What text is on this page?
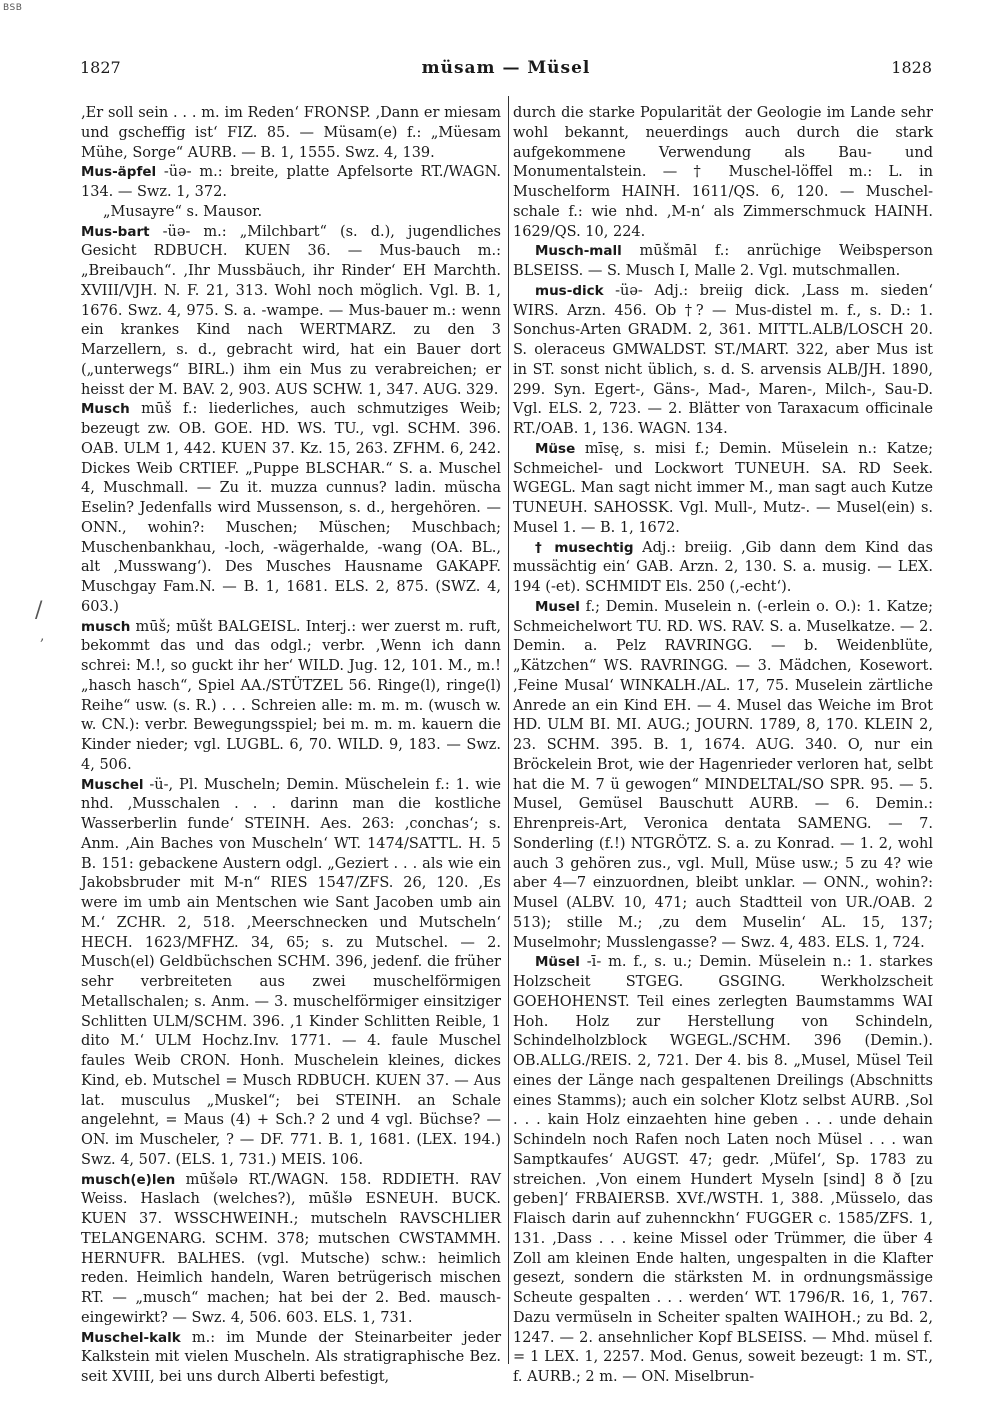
BSB
1827	müsam — Müsel	1828
/
,

‚Er soll sein . . . m. im Reden‘ FRONSP. ‚Dann er miesam und gscheffig ist‘ FIZ. 85. — Müsam(e) f.: „Müesam Mühe, Sorge“ AURB. — B. 1, 1555. Swz. 4, 139.

Mus-äpfel -üə- m.: breite, platte Apfelsorte RT./WAGN. 134. — Swz. 1, 372.

„Musayre“ s. Mausor.

Mus-bart -üə- m.: „Milchbart“ (s. d.), jugendliches Gesicht RDBUCH. KUEN 36. — Mus-bauch m.: „Breibauch“. ‚Ihr Mussbäuch, ihr Rinder‘ EH Marchth. XVIII/VJH. N. F. 21, 313. Wohl noch möglich. Vgl. B. 1, 1676. Swz. 4, 975. S. a. -wampe. — Mus-bauer m.: wenn ein krankes Kind nach WERTMARZ. zu den 3 Marzellern, s. d., gebracht wird, hat ein Bauer dort („unterwegs“ BIRL.) ihm ein Mus zu verabreichen; er heisst der M. BAV. 2, 903. AUS SCHW. 1, 347. AUG. 329.

Musch mūš f.: liederliches, auch schmutziges Weib; bezeugt zw. OB. GOE. HD. WS. TU., vgl. SCHM. 396. OAB. ULM 1, 442. KUEN 37. Kz. 15, 263. ZFHM. 6, 242. Dickes Weib CRTIEF. „Puppe BLSCHAR.“ S. a. Muschel 4, Muschmall. — Zu it. muzza cunnus? ladin. müscha Eselin? Jedenfalls wird Mussenson, s. d., hergehören. — ONN., wohin?: Muschen; Müschen; Muschbach; Muschenbankhau, -loch, -wägerhalde, -wang (OA. BL., alt ‚Musswang‘). Des Musches Hausname GAKAPF. Muschgay Fam.N. — B. 1, 1681. ELS. 2, 875. (SWZ. 4, 603.)

musch mūš; mūšt BALGEISL. Interj.: wer zuerst m. ruft, bekommt das und das odgl.; verbr. ‚Wenn ich dann schrei: M.!, so guckt ihr her‘ WILD. Jug. 12, 101. M., m.! „hasch hasch“, Spiel AA./STÜTZEL 56. Ringe(l), ringe(l) Reihe“ usw. (s. R.) . . . Schreien alle: m. m. m. (wusch w. w. CN.): verbr. Bewegungsspiel; bei m. m. m. kauern die Kinder nieder; vgl. LUGBL. 6, 70. WILD. 9, 183. — Swz. 4, 506.

Muschel -ü-, Pl. Muscheln; Demin. Müschelein f.: 1. wie nhd. ‚Musschalen . . . darinn man die kostliche Wasserberlin funde‘ STEINH. Aes. 263: ‚conchas‘; s. Anm. ‚Ain Baches von Muscheln‘ WT. 1474/SATTL. H. 5 B. 151: gebackene Austern odgl. „Geziert . . . als wie ein Jakobsbruder mit M-n“ RIES 1547/ZFS. 26, 120. ‚Es were im umb ain Mentschen wie Sant Jacoben umb ain M.‘ ZCHR. 2, 518. ‚Meerschnecken und Mutscheln‘ HECH. 1623/MFHZ. 34, 65; s. zu Mutschel. — 2. Musch(el) Geldbüchschen SCHM. 396, jedenf. die früher sehr verbreiteten aus zwei muschelförmigen Metallschalen; s. Anm. — 3. muschelförmiger einsitziger Schlitten ULM/SCHM. 396. ‚1 Kinder Schlitten Reible, 1 dito M.‘ ULM Hochz.Inv. 1771. — 4. faule Muschel faules Weib CRON. Honh. Muschelein kleines, dickes Kind, eb. Mutschel = Musch RDBUCH. KUEN 37. — Aus lat. musculus „Muskel“; bei STEINH. an Schale angelehnt, = Maus (4) + Sch.? 2 und 4 vgl. Büchse? — ON. im Muscheler, ? — DF. 771. B. 1, 1681. (LEX. 194.) Swz. 4, 507. (ELS. 1, 731.) MEIS. 106.

musch(e)len mūšələ RT./WAGN. 158. RDDIETH. RAV Weiss. Haslach (welches?), mūšlə ESNEUH. BUCK. KUEN 37. WSSCHWEINH.; mutscheln RAVSCHLIER TELANGENARG. SCHM. 378; mutschen CWSTAMMH. HERNUFR. BALHES. (vgl. Mutsche) schw.: heimlich reden. Heimlich handeln, Waren betrügerisch mischen RT. — „musch“ machen; hat bei der 2. Bed. mausch- eingewirkt? — Swz. 4, 506. 603. ELS. 1, 731.

Muschel-kalk m.: im Munde der Steinarbeiter jeder Kalkstein mit vielen Muscheln. Als stratigraphische Bez. seit XVIII, bei uns durch Alberti befestigt,

durch die starke Popularität der Geologie im Lande sehr wohl bekannt, neuerdings auch durch die stark aufgekommene Verwendung als Bau- und Monumentalstein. — † Muschel-löffel m.: L. in Muschelform HAINH. 1611/QS. 6, 120. — Muschel-schale f.: wie nhd. ‚M-n‘ als Zimmerschmuck HAINH. 1629/QS. 10, 224.

Musch-mall mūšmāl f.: anrüchige Weibsperson BLSEISS. — S. Musch I, Malle 2. Vgl. mutschmallen.

mus-dick -üə- Adj.: breiig dick. ‚Lass m. sieden‘ WIRS. Arzn. 456. Ob †? — Mus-distel m. f., s. D.: 1. Sonchus-Arten GRADM. 2, 361. MITTL.ALB/LOSCH 20. S. oleraceus GMWALDST. ST./MART. 322, aber Mus ist in ST. sonst nicht üblich, s. d. S. arvensis ALB/JH. 1890, 299. Syn. Egert-, Gäns-, Mad-, Maren-, Milch-, Sau-D. Vgl. ELS. 2, 723. — 2. Blätter von Taraxacum officinale RT./OAB. 1, 136. WAGN. 134.

Müse mīsę, s. misi f.; Demin. Müselein n.: Katze; Schmeichel- und Lockwort TUNEUH. SA. RD Seek. WGEGL. Man sagt nicht immer M., man sagt auch Kutze TUNEUH. SAHOSSK. Vgl. Mull-, Mutz-. — Musel(ein) s. Musel 1. — B. 1, 1672.

† musechtig Adj.: breiig. ‚Gib dann dem Kind das mussächtig ein‘ GAB. Arzn. 2, 130. S. a. musig. — LEX. 194 (-et). SCHMIDT Els. 250 (‚-echt‘).

Musel f.; Demin. Muselein n. (-erlein o. O.): 1. Katze; Schmeichelwort TU. RD. WS. RAV. S. a. Muselkatze. — 2. Demin. a. Pelz RAVRINGG. — b. Weidenblüte, „Kätzchen“ WS. RAVRINGG. — 3. Mädchen, Kosewort. ‚Feine Musal‘ WINKALH./AL. 17, 75. Muselein zärtliche Anrede an ein Kind EH. — 4. Musel das Weiche im Brot HD. ULM BI. MI. AUG.; JOURN. 1789, 8, 170. KLEIN 2, 23. SCHM. 395. B. 1, 1674. AUG. 340. O, nur ein Bröckelein Brot, wie der Hagenrieder verloren hat, selbt hat die M. 7 ü gewogen“ MINDELTAL/SO SPR. 95. — 5. Musel, Gemüsel Bauschutt AURB. — 6. Demin.: Ehrenpreis-Art, Veronica dentata SAMENG. — 7. Sonderling (f.!) NTGRÖTZ. S. a. zu Konrad. — 1. 2, wohl auch 3 gehören zus., vgl. Mull, Müse usw.; 5 zu 4? wie aber 4—7 einzuordnen, bleibt unklar. — ONN., wohin?: Musel (ALBV. 10, 471; auch Stadtteil von UR./OAB. 2 513); stille M.; ‚zu dem Muselin‘ AL. 15, 137; Muselmohr; Musslengasse? — Swz. 4, 483. ELS. 1, 724.

Müsel -ī- m. f., s. u.; Demin. Müselein n.: 1. starkes Holzscheit STGEG. GSGING. Werkholzscheit GOEHOHENST. Teil eines zerlegten Baumstamms WAI Hoh. Holz zur Herstellung von Schindeln, Schindelholzblock WGEGL./SCHM. 396 (Demin.). OB.ALLG./REIS. 2, 721. Der 4. bis 8. „Musel, Müsel Teil eines der Länge nach gespaltenen Dreilings (Abschnitts eines Stamms); auch ein solcher Klotz selbst AURB. ‚Sol . . . kain Holz einzaehten hine geben . . . unde dehain Schindeln noch Rafen noch Laten noch Müsel . . . wan Samptkaufes‘ AUGST. 47; gedr. ‚Müfel‘, Sp. 1783 zu streichen. ‚Von einem Hundert Myseln [sind] 8 ð [zu geben]‘ FRBAIERSB. XVf./WSTH. 1, 388. ‚Müsselo, das Flaisch darin auf zuhennckhn‘ FUGGER c. 1585/ZFS. 1, 131. ‚Dass . . . keine Missel oder Trümmer, die über 4 Zoll am kleinen Ende halten, ungespalten in die Klafter gesezt, sondern die stärksten M. in ordnungsmässige Scheute gespalten . . . werden‘ WT. 1796/R. 16, 1, 767. Dazu vermüseln in Scheiter spalten WAIHOH.; zu Bd. 2, 1247. — 2. ansehnlicher Kopf BLSEISS. — Mhd. müsel f. = 1 LEX. 1, 2257. Mod. Genus, soweit bezeugt: 1 m. ST., f. AURB.; 2 m. — ON. Miselbrun-
